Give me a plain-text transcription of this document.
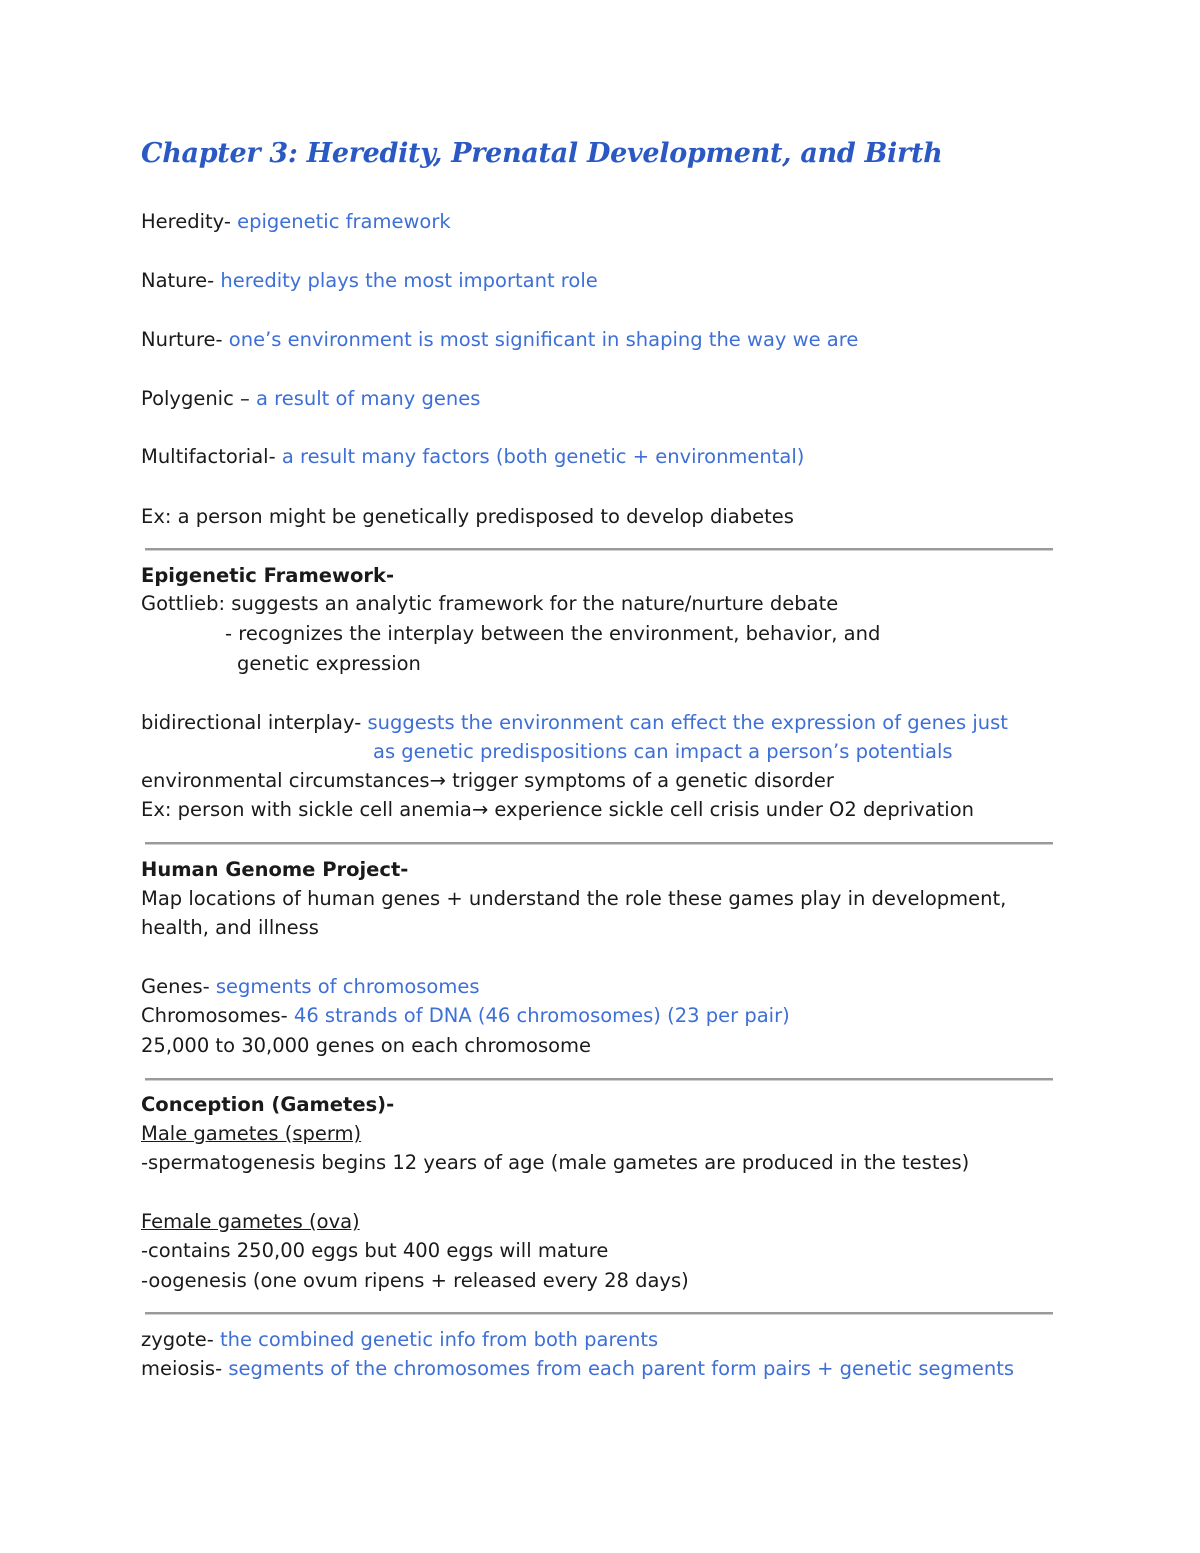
Chapter 3: Heredity, Prenatal Development, and Birth

Heredity- epigenetic framework

Nature- heredity plays the most important role

Nurture- one’s environment is most significant in shaping the way we are

Polygenic – a result of many genes

Multifactorial- a result many factors (both genetic + environmental)

Ex: a person might be genetically predisposed to develop diabetes

Epigenetic Framework-

Gottlieb: suggests an analytic framework for the nature/nurture debate

- recognizes the interplay between the environment, behavior, and

genetic expression

bidirectional interplay- suggests the environment can effect the expression of genes just

as genetic predispositions can impact a person’s potentials

environmental circumstances→ trigger symptoms of a genetic disorder

Ex: person with sickle cell anemia→ experience sickle cell crisis under O2 deprivation

Human Genome Project-

Map locations of human genes + understand the role these games play in development,

health, and illness

Genes- segments of chromosomes

Chromosomes- 46 strands of DNA (46 chromosomes) (23 per pair)

25,000 to 30,000 genes on each chromosome

Conception (Gametes)-

Male gametes (sperm)

-spermatogenesis begins 12 years of age (male gametes are produced in the testes)

Female gametes (ova)

-contains 250,00 eggs but 400 eggs will mature

-oogenesis (one ovum ripens + released every 28 days)

zygote- the combined genetic info from both parents

meiosis- segments of the chromosomes from each parent form pairs + genetic segments
